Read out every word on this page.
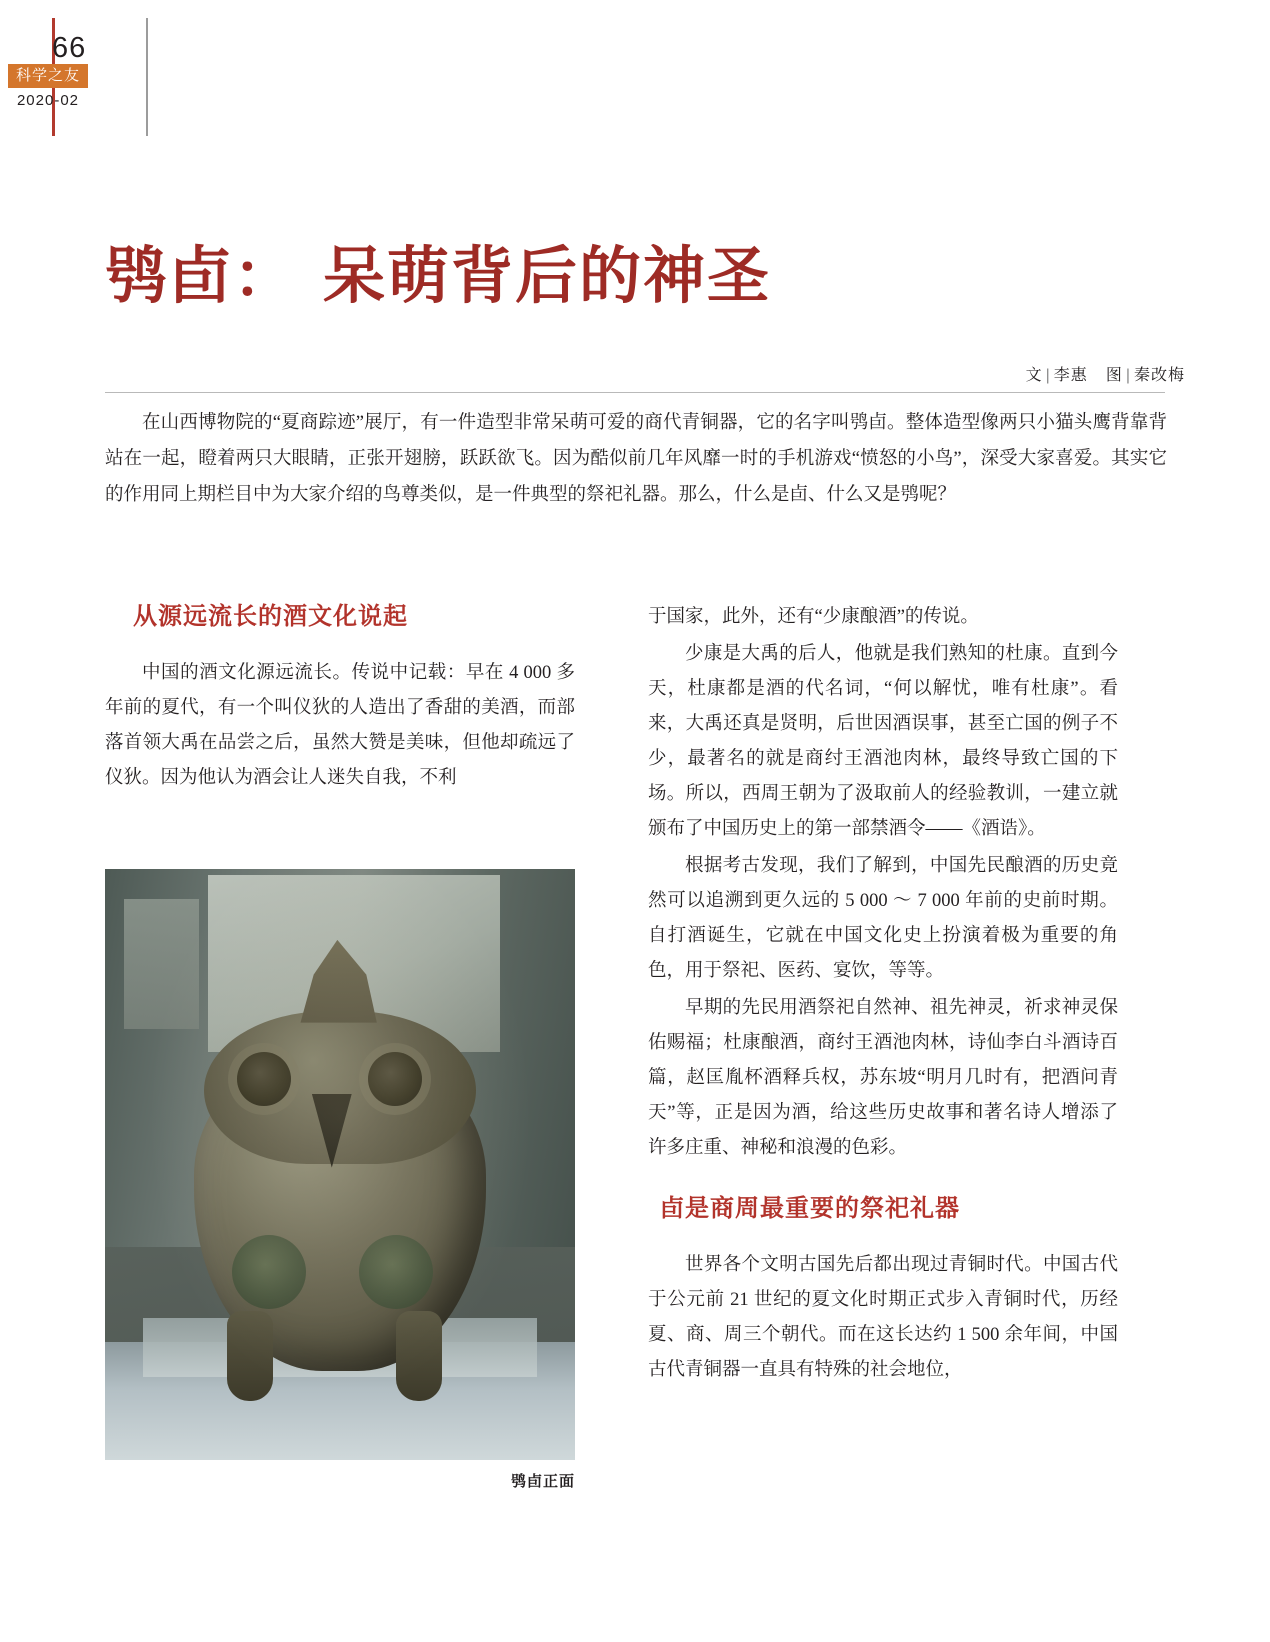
66
科学之友
2020-02
鸮卣： 呆萌背后的神圣
文 | 李惠 图 | 秦改梅
在山西博物院的“夏商踪迹”展厅，有一件造型非常呆萌可爱的商代青铜器，它的名字叫鸮卣。整体造型像两只小猫头鹰背靠背站在一起，瞪着两只大眼睛，正张开翅膀，跃跃欲飞。因为酷似前几年风靡一时的手机游戏“愤怒的小鸟”，深受大家喜爱。其实它的作用同上期栏目中为大家介绍的鸟尊类似，是一件典型的祭祀礼器。那么，什么是卣、什么又是鸮呢？
从源远流长的酒文化说起

中国的酒文化源远流长。传说中记载：早在 4 000 多年前的夏代，有一个叫仪狄的人造出了香甜的美酒，而部落首领大禹在品尝之后，虽然大赞是美味，但他却疏远了仪狄。因为他认为酒会让人迷失自我，不利

鸮卣正面

于国家，此外，还有“少康酿酒”的传说。

少康是大禹的后人，他就是我们熟知的杜康。直到今天，杜康都是酒的代名词，“何以解忧，唯有杜康”。看来，大禹还真是贤明，后世因酒误事，甚至亡国的例子不少，最著名的就是商纣王酒池肉林，最终导致亡国的下场。所以，西周王朝为了汲取前人的经验教训，一建立就颁布了中国历史上的第一部禁酒令——《酒诰》。

根据考古发现，我们了解到，中国先民酿酒的历史竟然可以追溯到更久远的 5 000 ～ 7 000 年前的史前时期。自打酒诞生，它就在中国文化史上扮演着极为重要的角色，用于祭祀、医药、宴饮，等等。

早期的先民用酒祭祀自然神、祖先神灵，祈求神灵保佑赐福；杜康酿酒，商纣王酒池肉林，诗仙李白斗酒诗百篇，赵匡胤杯酒释兵权，苏东坡“明月几时有，把酒问青天”等，正是因为酒，给这些历史故事和著名诗人增添了许多庄重、神秘和浪漫的色彩。

卣是商周最重要的祭祀礼器

世界各个文明古国先后都出现过青铜时代。中国古代于公元前 21 世纪的夏文化时期正式步入青铜时代，历经夏、商、周三个朝代。而在这长达约 1 500 余年间，中国古代青铜器一直具有特殊的社会地位，
